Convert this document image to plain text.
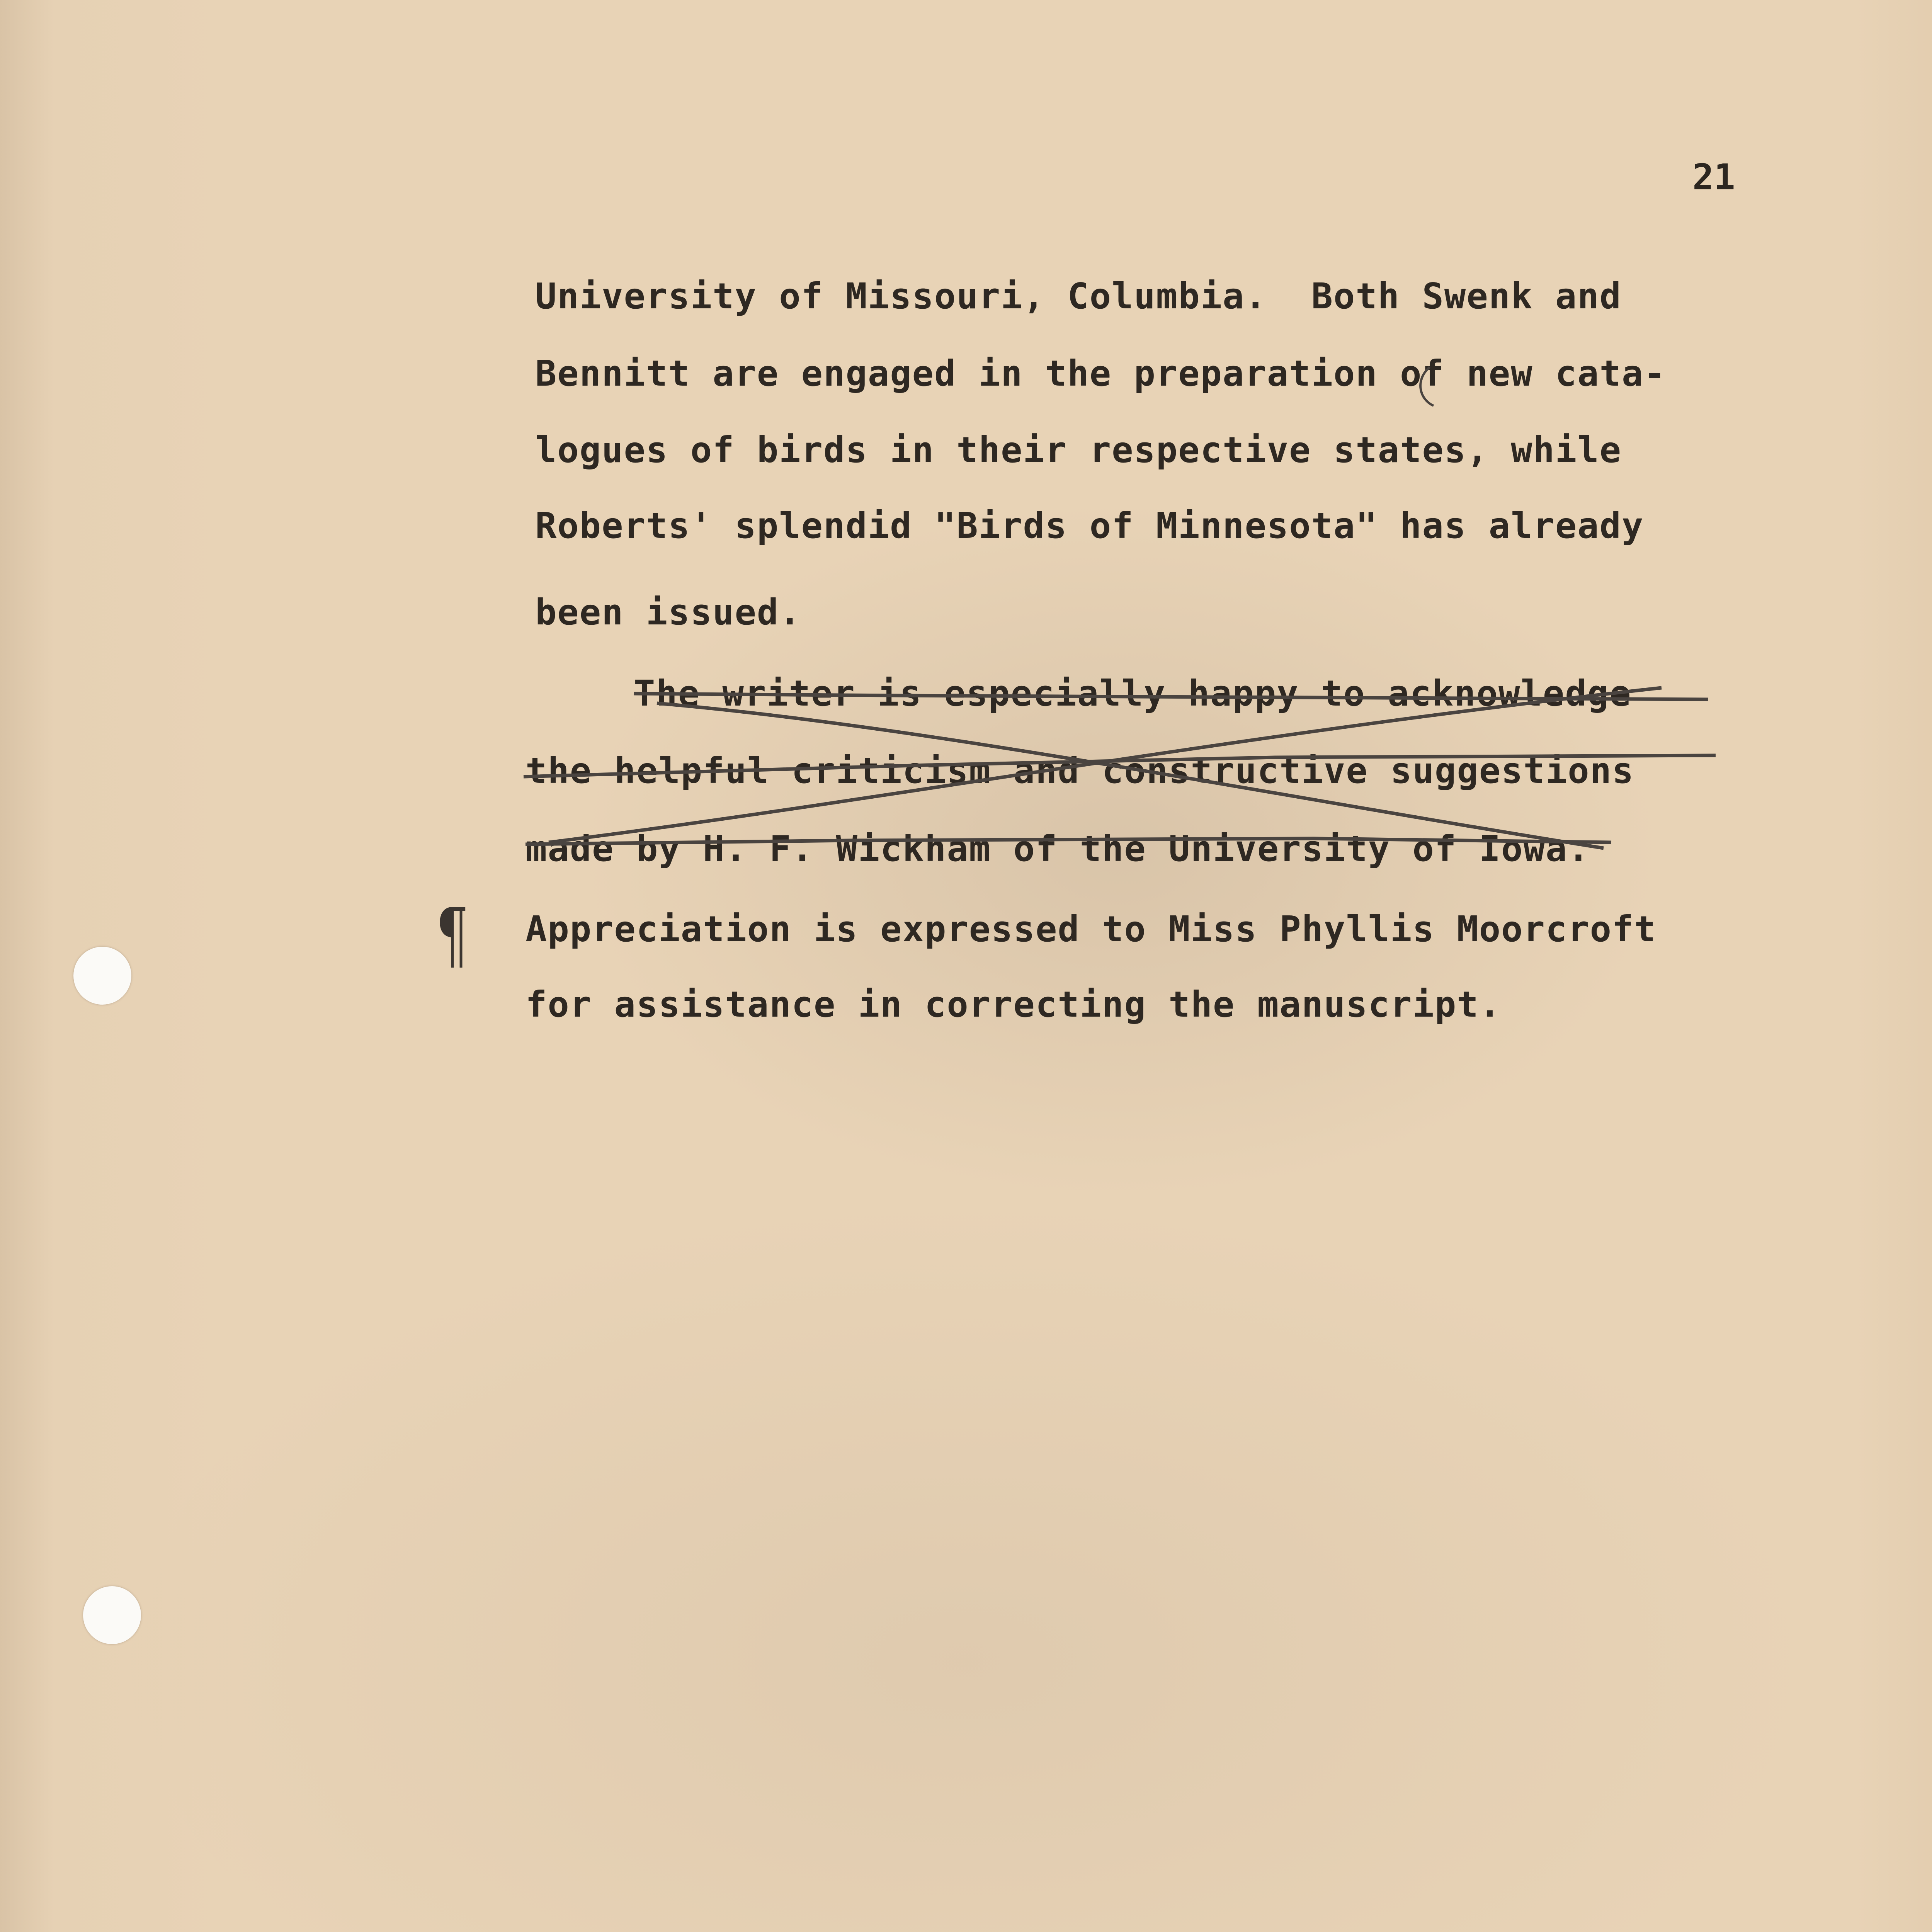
21

University of Missouri, Columbia.  Both Swenk and

Bennitt are engaged in the preparation of new cata-

logues of birds in their respective states, while

Roberts' splendid "Birds of Minnesota" has already

been issued.

The writer is especially happy to acknowledge

the helpful criticism and constructive suggestions

made by H. F. Wickham of the University of Iowa.

Appreciation is expressed to Miss Phyllis Moorcroft

for assistance in correcting the manuscript.

¶
